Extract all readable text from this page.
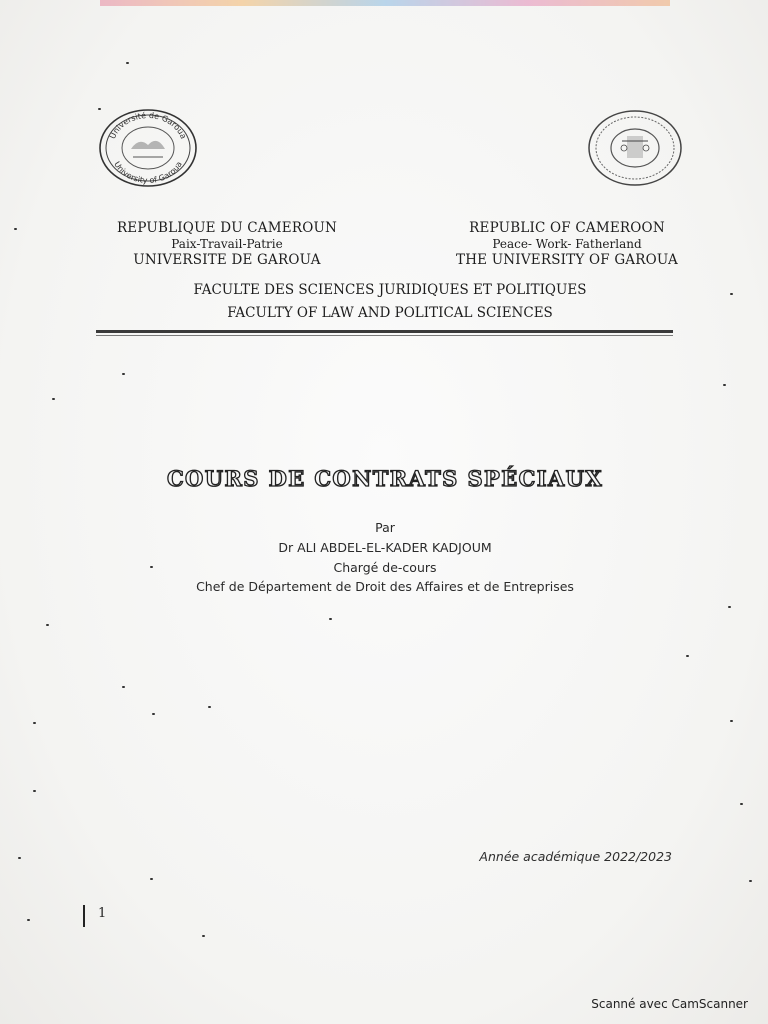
Université de Garoua
University of Garoua
REPUBLIQUE DU CAMEROUN
Paix-Travail-Patrie
UNIVERSITE DE GAROUA
REPUBLIC OF CAMEROON
Peace- Work- Fatherland
THE UNIVERSITY OF GAROUA
FACULTE DES SCIENCES JURIDIQUES ET POLITIQUES
FACULTY OF LAW AND POLITICAL SCIENCES
COURS DE CONTRATS SPÉCIAUX
Par
Dr ALI ABDEL-EL-KADER KADJOUM
Chargé de-cours
Chef de Département de Droit des Affaires et de Entreprises
Année académique 2022/2023
1
Scanné avec CamScanner
